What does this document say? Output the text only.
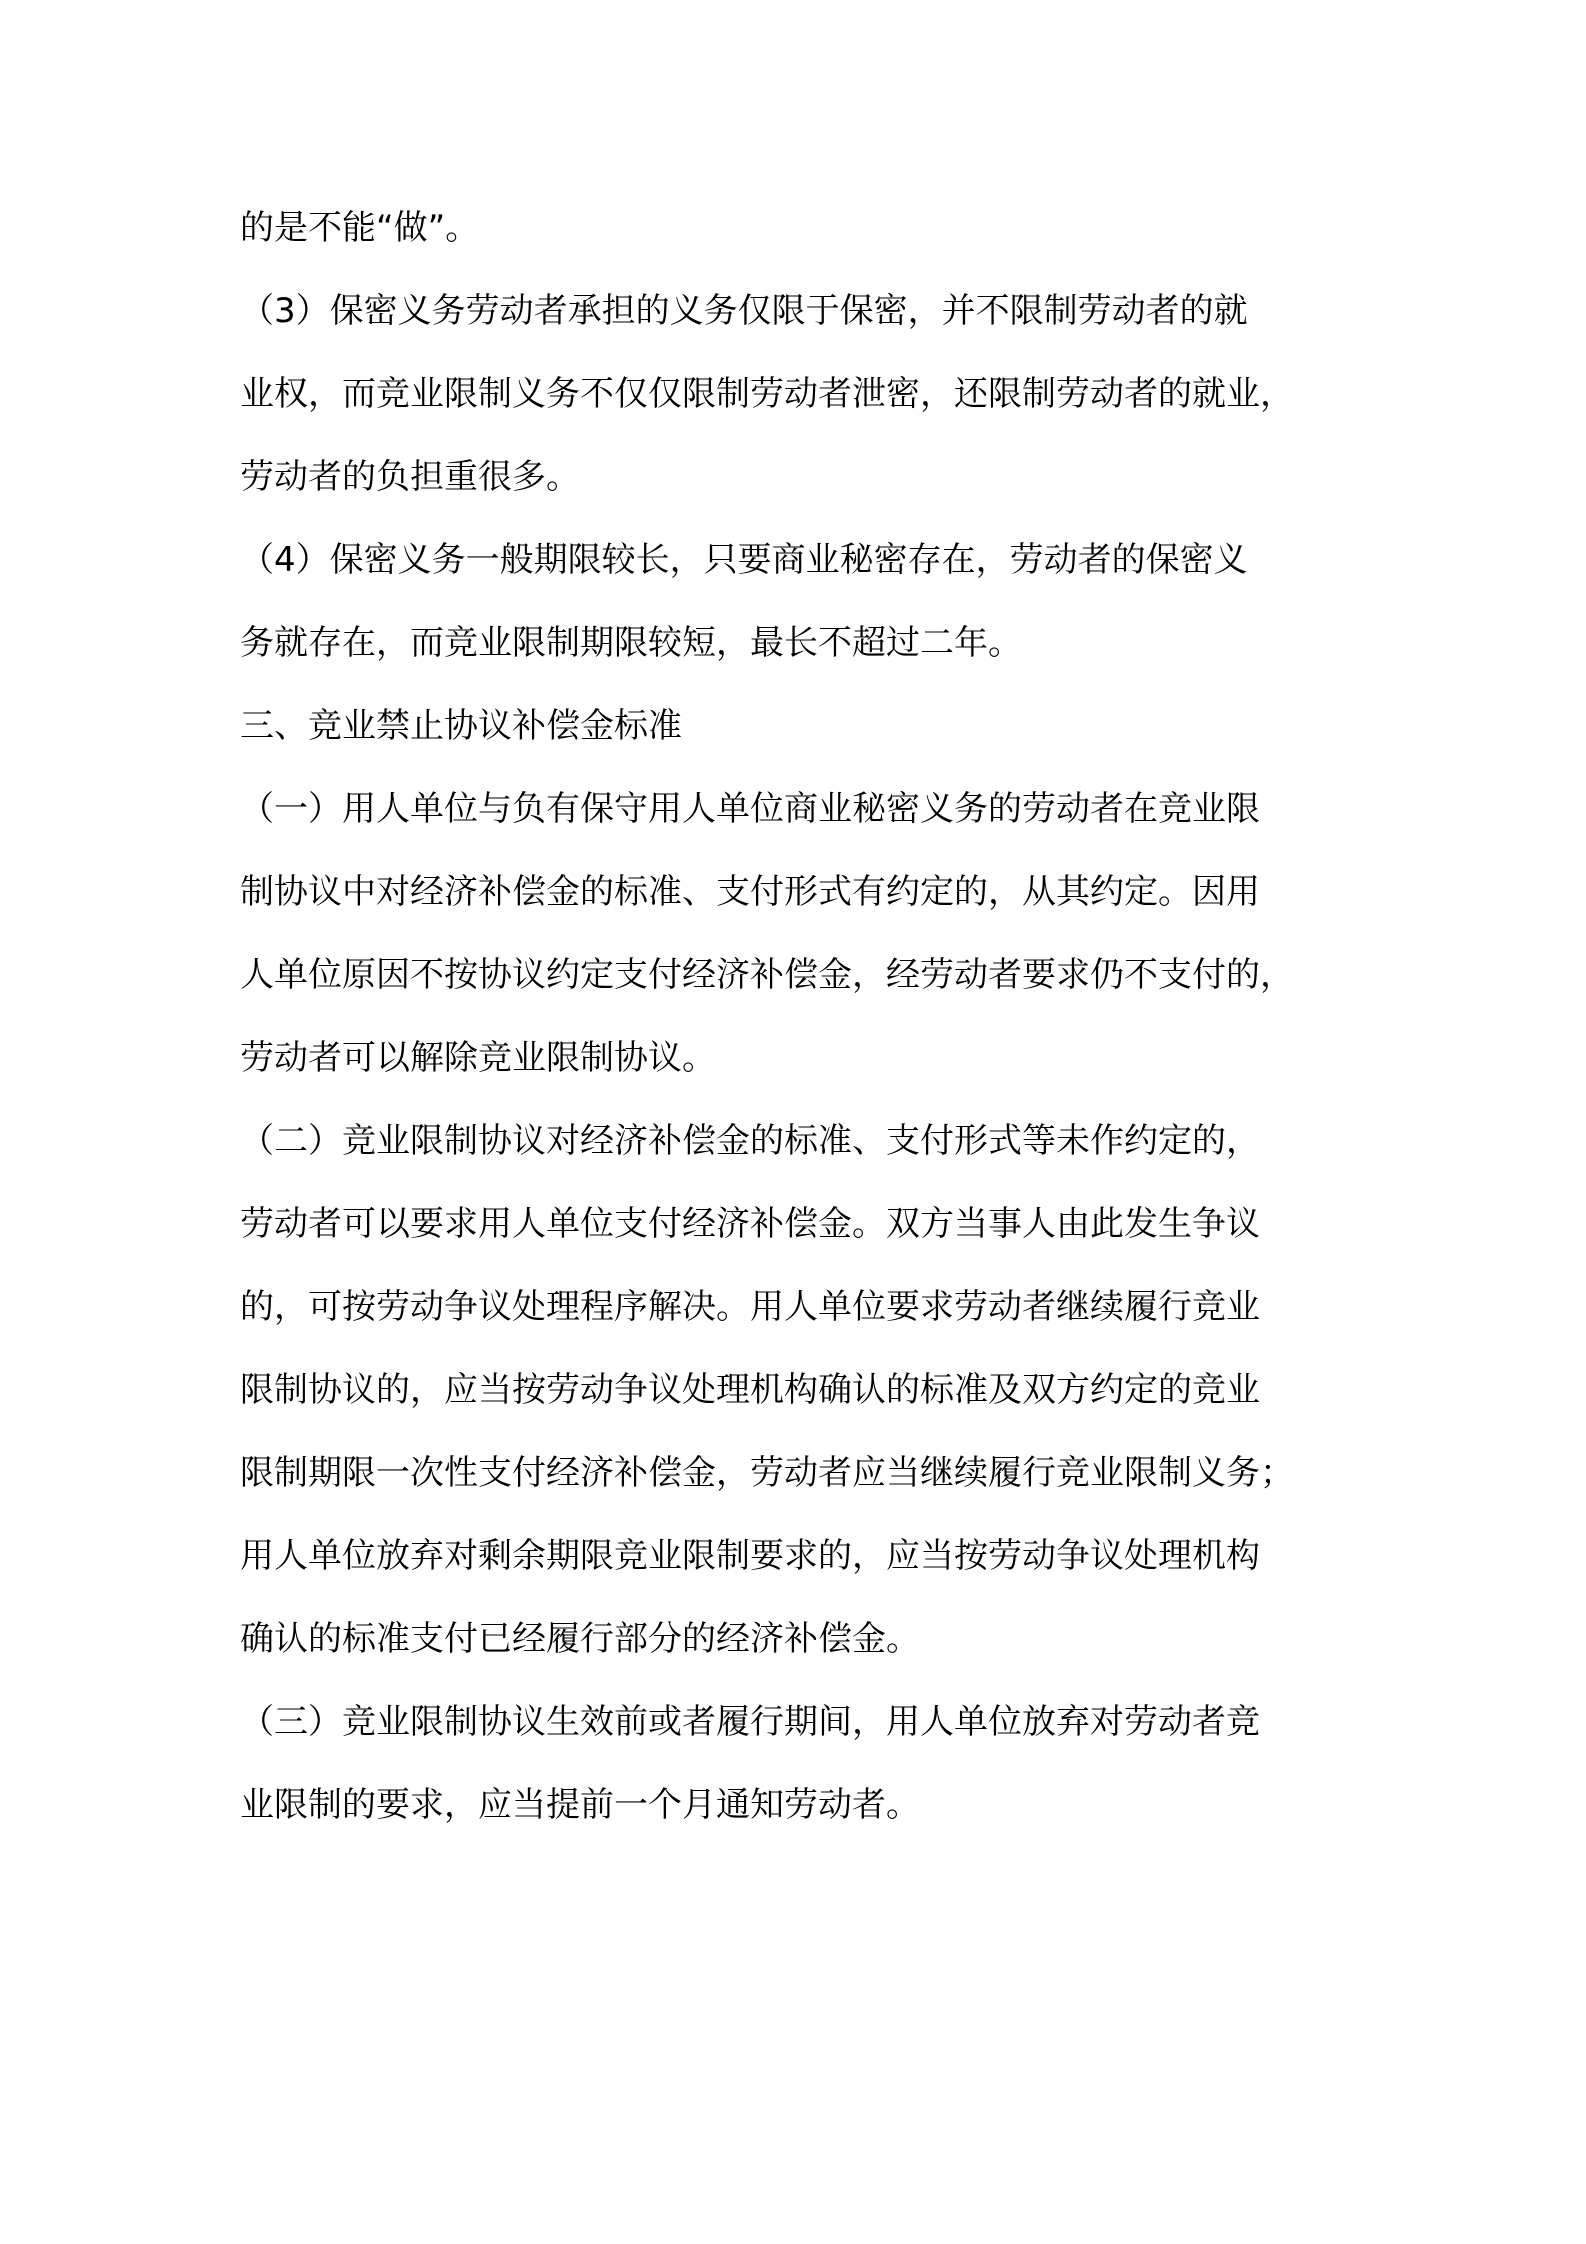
的是不能“做”。
（3）保密义务劳动者承担的义务仅限于保密，并不限制劳动者的就
业权，而竞业限制义务不仅仅限制劳动者泄密，还限制劳动者的就业，
劳动者的负担重很多。
（4）保密义务一般期限较长，只要商业秘密存在，劳动者的保密义
务就存在，而竞业限制期限较短，最长不超过二年。
三、竞业禁止协议补偿金标准
（一）用人单位与负有保守用人单位商业秘密义务的劳动者在竞业限
制协议中对经济补偿金的标准、支付形式有约定的，从其约定。因用
人单位原因不按协议约定支付经济补偿金，经劳动者要求仍不支付的，
劳动者可以解除竞业限制协议。
（二）竞业限制协议对经济补偿金的标准、支付形式等未作约定的，
劳动者可以要求用人单位支付经济补偿金。双方当事人由此发生争议
的，可按劳动争议处理程序解决。用人单位要求劳动者继续履行竞业
限制协议的，应当按劳动争议处理机构确认的标准及双方约定的竞业
限制期限一次性支付经济补偿金，劳动者应当继续履行竞业限制义务；
用人单位放弃对剩余期限竞业限制要求的，应当按劳动争议处理机构
确认的标准支付已经履行部分的经济补偿金。
（三）竞业限制协议生效前或者履行期间，用人单位放弃对劳动者竞
业限制的要求，应当提前一个月通知劳动者。
